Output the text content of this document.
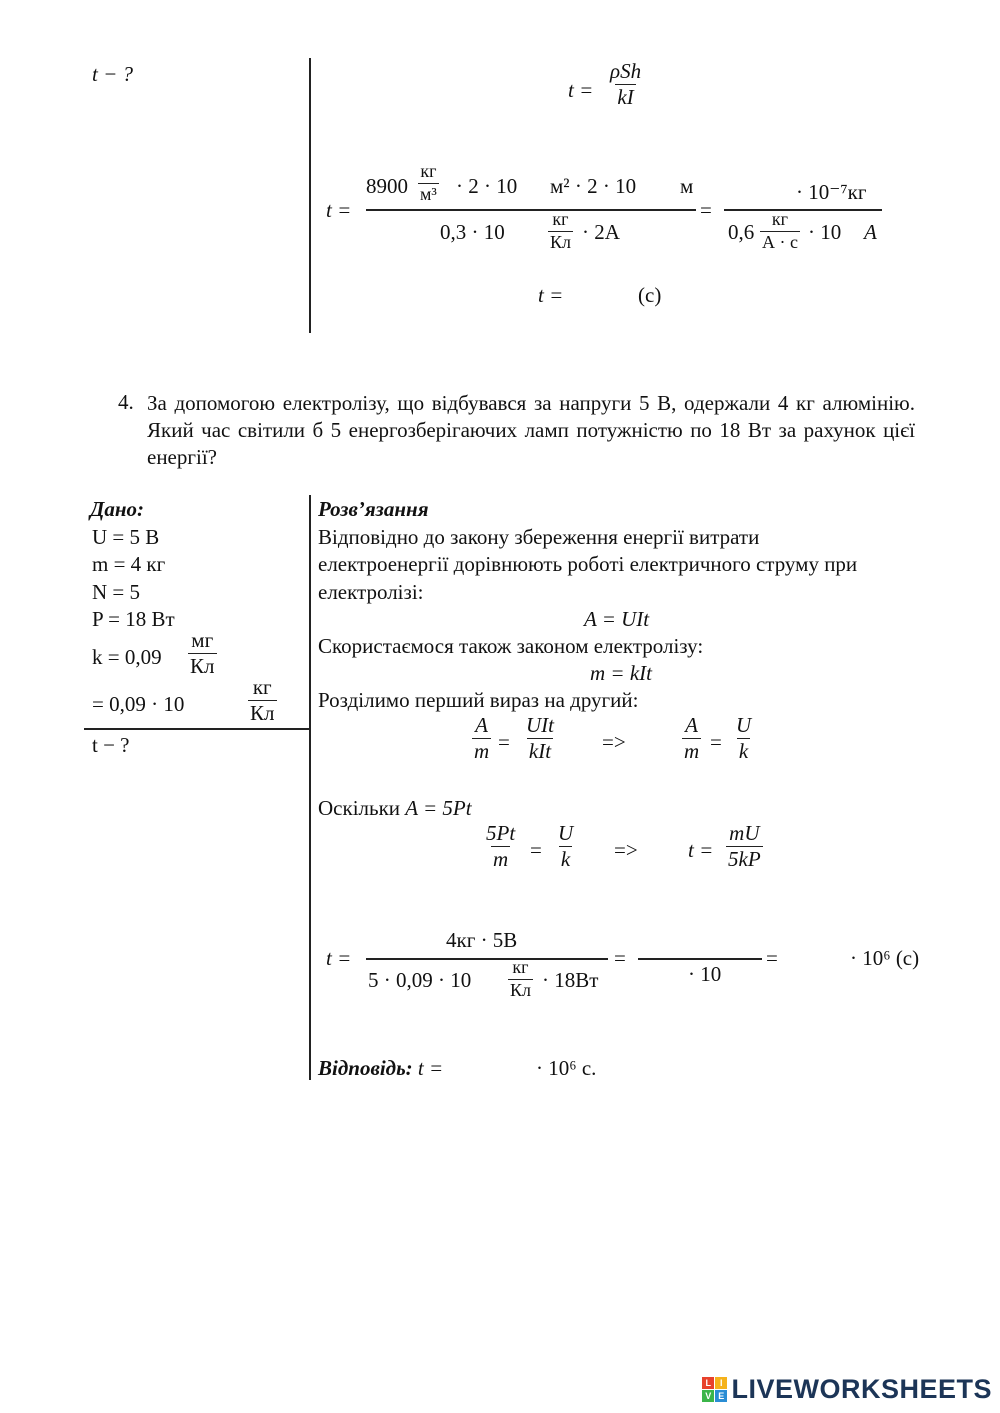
t − ?
t =
ρSh
kI
t =
8900
кг
м³ · 2 · 10 м² · 2 · 10 м
0,3 · 10
кг
Кл · 2А
=
· 10⁻⁷кг
0,6
кг
А · с · 10 А
t =	(с)
4. За допомогою електролізу, що відбувався за напруги 5 В, одержали 4 кг алюмінію. Який час світили б 5 енергозберігаючих ламп потужністю по 18 Вт за рахунок цієї енергії?
Дано:
U = 5 В
m = 4 кг
N = 5
P = 18 Вт
k = 0,09
мг
Кл
= 0,09 · 10
кг
Кл
t − ?
Розв’язання
Відповідно до закону збереження енергії витрати
електроенергії дорівнюють роботі електричного струму при
електролізі:
A = UIt
Скористаємося також законом електролізу:
m = kIt
Розділимо перший вираз на другий:
$\frac{A}{m}$ =
UIt
kIt =>	$\frac{A}{m} = \frac{U}{k}$
Оскільки A = 5Pt
$\frac{5Pt}{m} = \frac{U}{k} => t = \frac{mU}{5kP}$
t =
4кг · 5В
5 · 0,09 · 10
кг
Кл · 18Вт
=
· 10
=	· 10⁶ (с)
Відповідь: t =	· 10⁶ с.
L I
V E LIVEWORKSHEETS
